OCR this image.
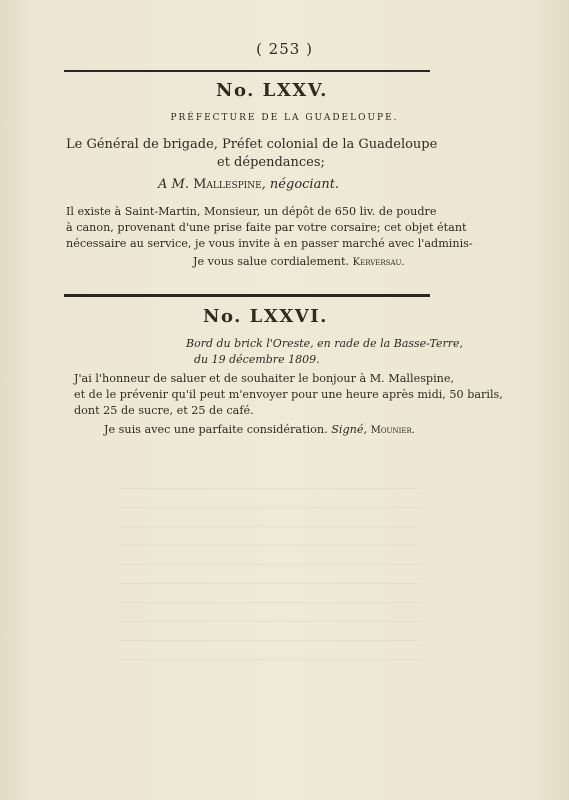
( 253 )
No. LXXV.
PRÉFECTURE DE LA GUADELOUPE.
Le Général de brigade, Préfet colonial de la Guadeloupe
et dépendances;
A M. Mallespine, négociant.
Il existe à Saint-Martin, Monsieur, un dépôt de 650 liv. de poudre
à canon, provenant d'une prise faite par votre corsaire; cet objet étant
nécessaire au service, je vous invite à en passer marché avec l'adminis-
Je vous salue cordialement. Kerversau.
No. LXXVI.
Bord du brick l'Oreste, en rade de la Basse-Terre,
du 19 décembre 1809.
J'ai l'honneur de saluer et de souhaiter le bonjour à M. Mallespine,
et de le prévenir qu'il peut m'envoyer pour une heure après midi, 50 barils,
dont 25 de sucre, et 25 de café.
Je suis avec une parfaite considération. Signé, Mounier.
